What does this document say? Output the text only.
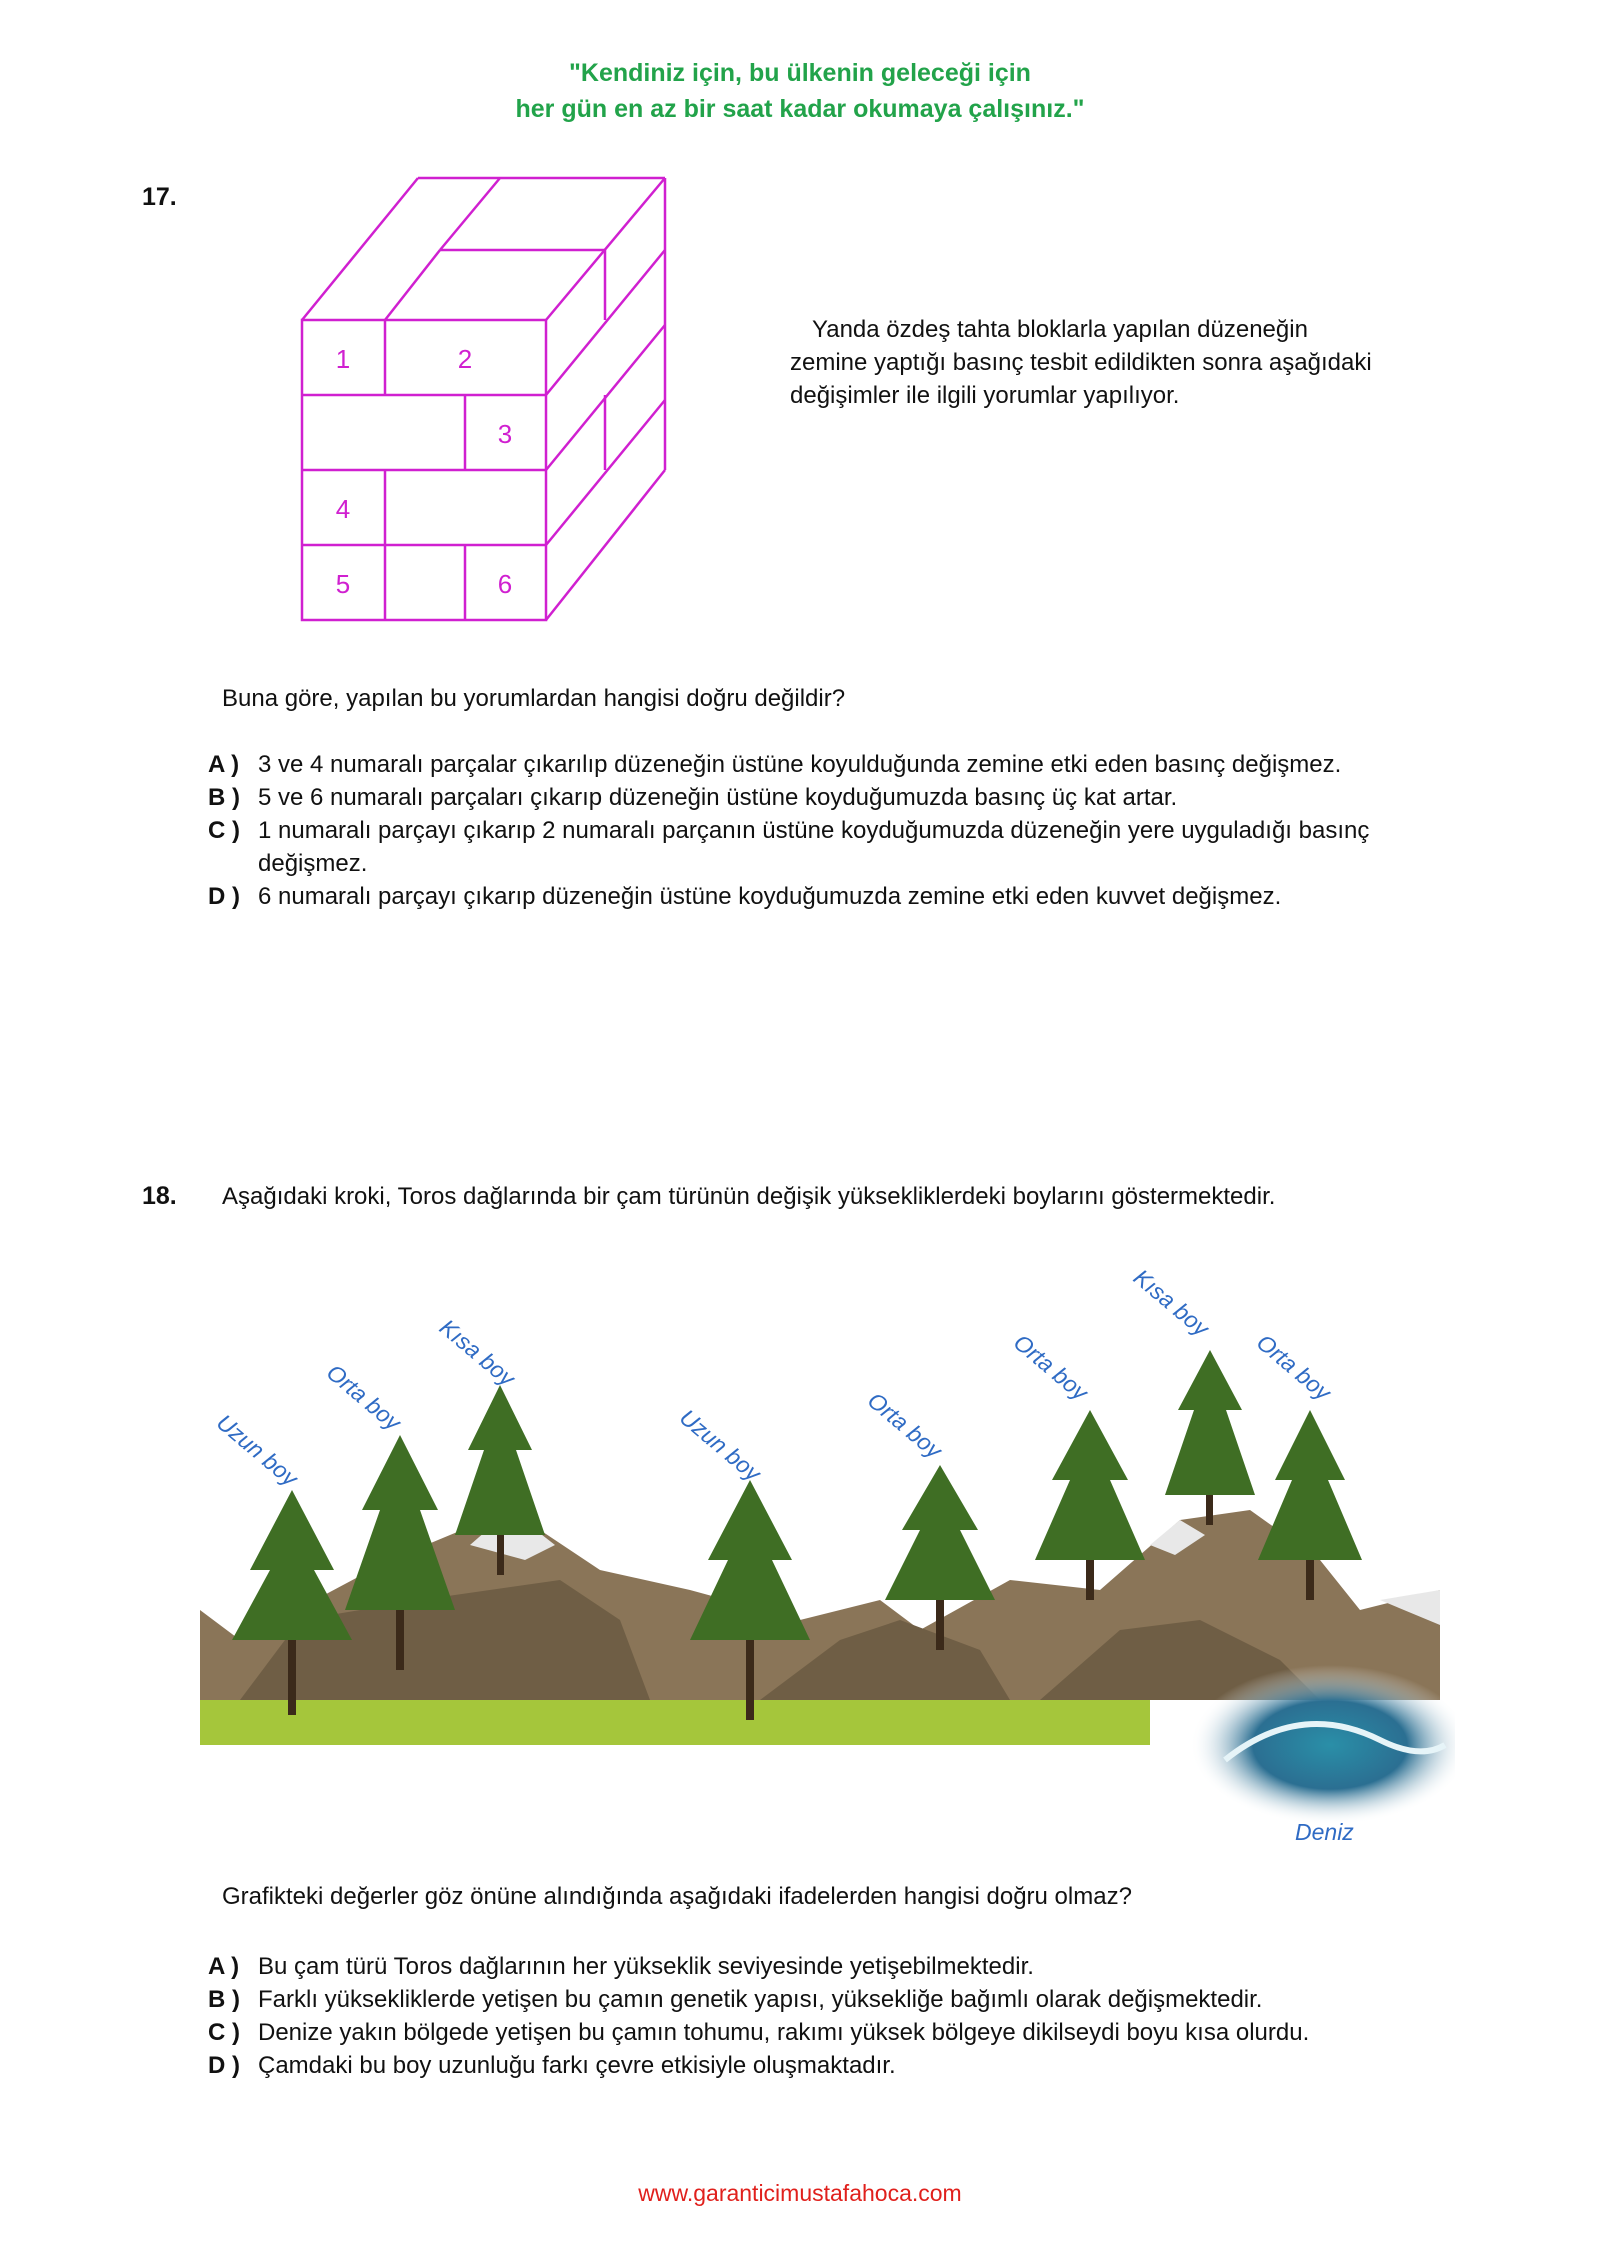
"Kendiniz için, bu ülkenin geleceği için
her gün en az bir saat kadar okumaya çalışınız."
17.
1	2
3
4
5	6
Yanda özdeş tahta bloklarla yapılan düzeneğin zemine yaptığı basınç tesbit edildikten sonra aşağıdaki değişimler ile ilgili yorumlar yapılıyor.
Buna göre, yapılan bu yorumlardan hangisi doğru değildir?
A ) 3 ve 4 numaralı parçalar çıkarılıp düzeneğin üstüne koyulduğunda zemine etki eden basınç değişmez.
B ) 5 ve 6 numaralı parçaları çıkarıp düzeneğin üstüne koyduğumuzda basınç üç kat artar.
C ) 1 numaralı parçayı çıkarıp 2 numaralı parçanın üstüne koyduğumuzda düzeneğin yere uyguladığı basınç değişmez.
D ) 6 numaralı parçayı çıkarıp düzeneğin üstüne koyduğumuzda zemine etki eden kuvvet değişmez.
18. Aşağıdaki kroki, Toros dağlarında bir çam türünün değişik yüksekliklerdeki boylarını göstermektedir.
Uzun boy
Orta boy
Kısa boy
Uzun boy	Orta boy
Orta boy
Kısa boy
Orta boy
Deniz
Grafikteki değerler göz önüne alındığında aşağıdaki ifadelerden hangisi doğru olmaz?
A ) Bu çam türü Toros dağlarının her yükseklik seviyesinde yetişebilmektedir.
B ) Farklı yüksekliklerde yetişen bu çamın genetik yapısı, yüksekliğe bağımlı olarak değişmektedir.
C ) Denize yakın bölgede yetişen bu çamın tohumu, rakımı yüksek bölgeye dikilseydi boyu kısa olurdu.
D ) Çamdaki bu boy uzunluğu farkı çevre etkisiyle oluşmaktadır.
www.garanticimustafahoca.com
